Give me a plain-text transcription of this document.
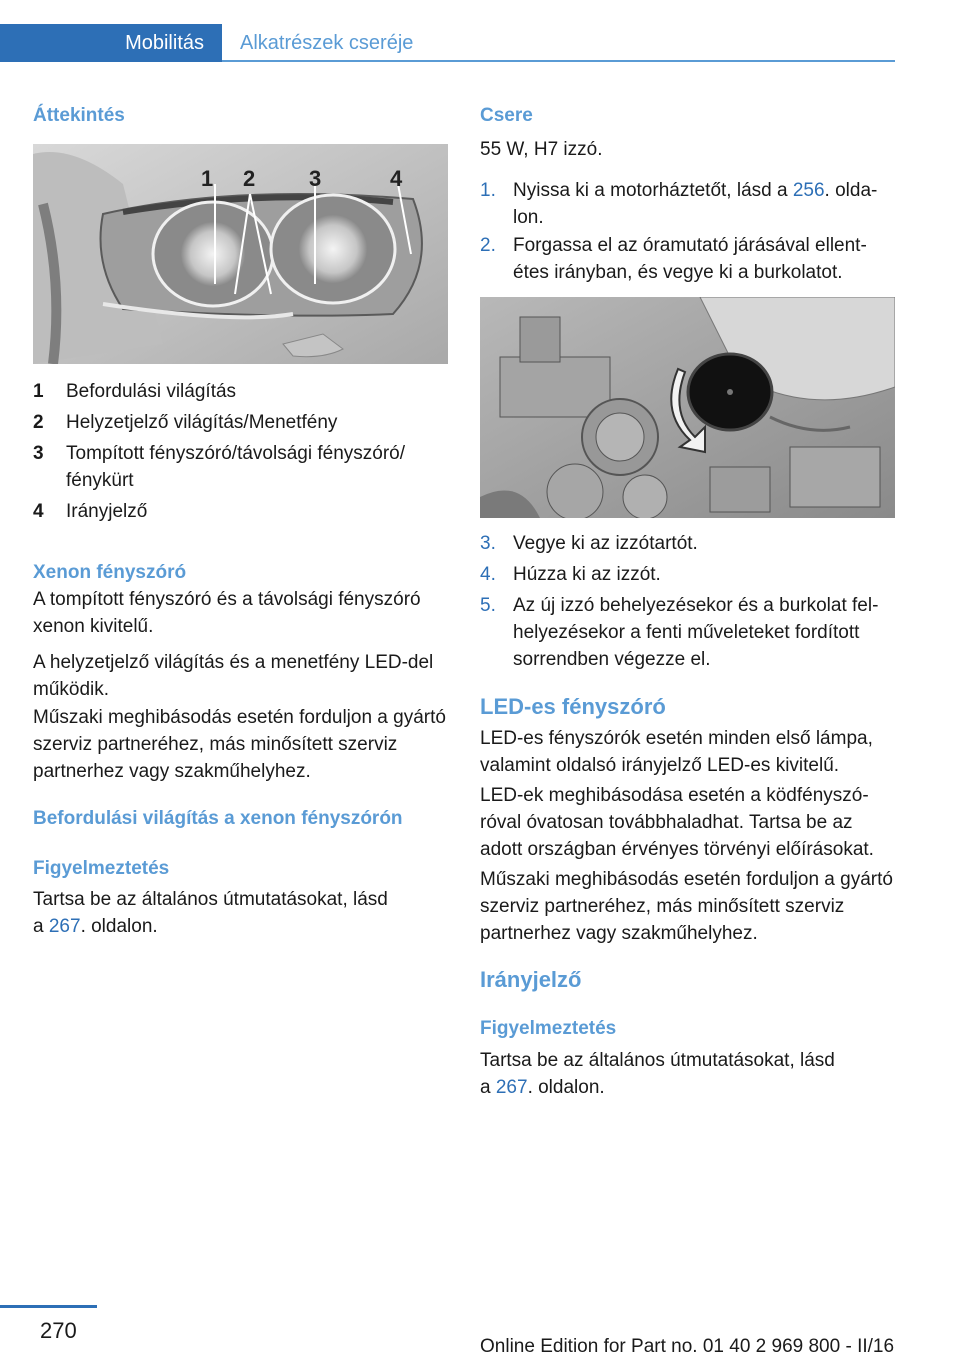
Mobilitás	Alkatrészek cseréje
Áttekintés
1 2 3	4
1 Befordulási világítás
2 Helyzetjelző világítás/Menetfény
3 Tompított fényszóró/távolsági fényszóró/
fénykürt
4 Irányjelző
Xenon fényszóró
A tompított fényszóró és a távolsági fényszóró xenon kivitelű.
A helyzetjelző világítás és a menetfény LED-del működik.
Műszaki meghibásodás esetén forduljon a gyártó szerviz partneréhez, más minősített szerviz partnerhez vagy szakműhelyhez.
Befordulási világítás a xenon fényszórón
Figyelmeztetés
Tartsa be az általános útmutatásokat, lásd
a 267. oldalon.
Csere
55 W, H7 izzó.
1. Nyissa ki a motorháztetőt, lásd a 256. olda-
lon.
2. Forgassa el az óramutató járásával ellent-
étes irányban, és vegye ki a burkolatot.
3. Vegye ki az izzótartót.
4. Húzza ki az izzót.
5. Az új izzó behelyezésekor és a burkolat fel-
helyezésekor a fenti műveleteket fordított
sorrendben végezze el.
LED-es fényszóró
LED-es fényszórók esetén minden első lámpa, valamint oldalsó irányjelző LED-es kivitelű.
LED-ek meghibásodása esetén a ködfényszó-
róval óvatosan továbbhaladhat. Tartsa be az adott országban érvényes törvényi előírásokat.
Műszaki meghibásodás esetén forduljon a gyártó szerviz partneréhez, más minősített szerviz partnerhez vagy szakműhelyhez.
Irányjelző
Figyelmeztetés
Tartsa be az általános útmutatásokat, lásd
a 267. oldalon.
270
Online Edition for Part no. 01 40 2 969 800 - II/16
